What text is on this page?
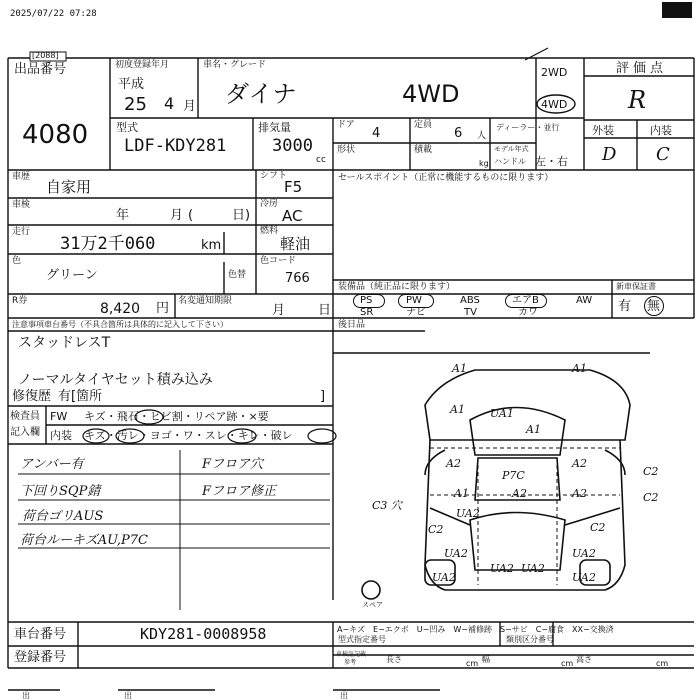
2025/07/22 07:28
[2088]
出品番号
4080
初度登録年月
平成
25 4 月
車名・グレード
ダイナ	4WD
2WD
4WD
評価点
R
外装	内装
D C
型式
LDF-KDY281
排気量
3000
cc
ドア
4
定員
6 人
ディーラー・並行
形状	積載
kg
モデル年式
ハンドル 左・右
車歴
自家用
シフト
F5	セールスポイント（正常に機能するものに限ります）
車検
年	月 (	日)
冷房
AC
走行
31万2千060	km
燃料
軽油
色
グリーン	色替
色コード
766
装備品（純正品に限ります）
PS	PW	ABS	エアB	AW
SR	ナビ	TV	カワ
新車保証書
有 無
R券	8,420 円 名変通知期限
月	日
注意事項車台番号（不具合箇所は具体的に記入して下さい）
スタッドレスT
ノーマルタイヤセット積み込み
修復歴 有[箇所	]
後日品
検査員
記入欄
FW キズ・飛石・ヒビ割・リペア跡・×要
内装 キズ・汚レ・ヨゴ・ワ・スレ・キレ・破レ
アンバー有
下回りSQP錆
荷台ゴリAUS
荷台ルーキズAU,P7C
Fフロア穴
Fフロア修正
A1	A1
A1 UA1
A1
A2	A2
P7C
A1	A2	A2
C2
C2
C3 穴
UA2
C2
UA2
UA2 UA2
UA2
UA2
C2
UA2
スペア
車台番号	KDY281-0008958
登録番号
A−キズ　E−エクボ　U−凹み　W−補修跡　S−サビ　C−腐食　XX−交換済
型式指定番号	類別区分番号
車検証記載
参考	長さ	cm 幅	cm 高さ	cm
出	出	出
